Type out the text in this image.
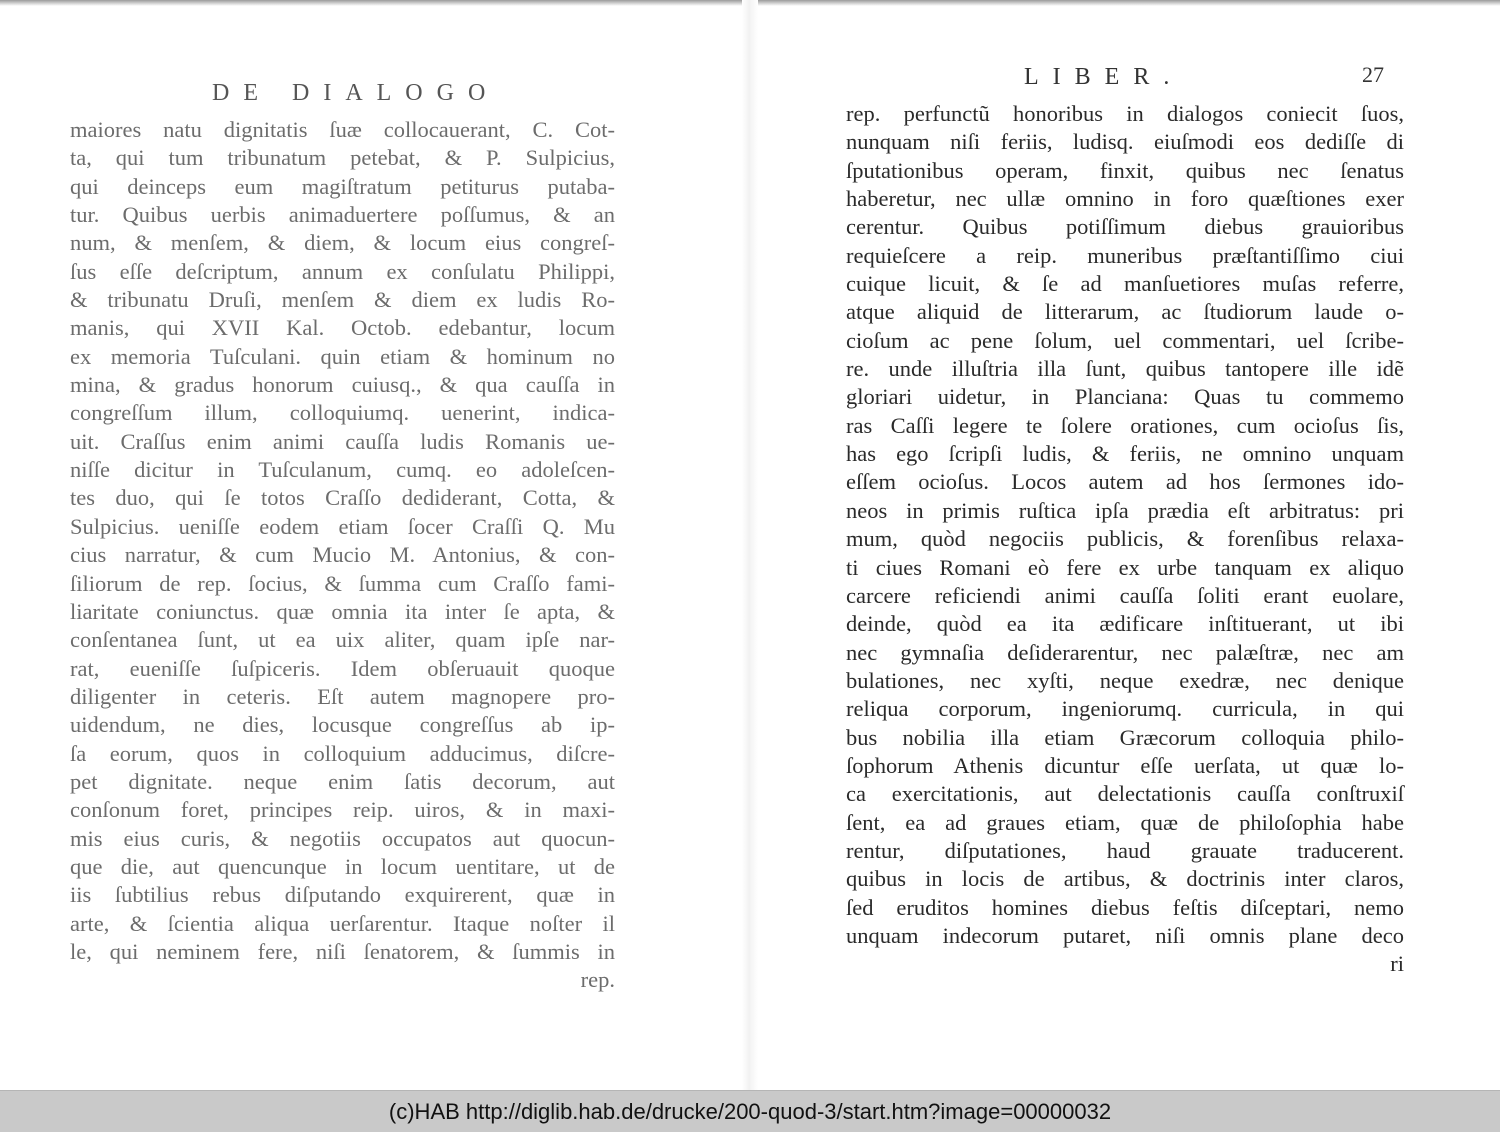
DE DIALOGO
maiores natu dignitatis ſuæ collocauerant, C. Cot-
ta, qui tum tribunatum petebat, & P. Sulpicius,
qui deinceps eum magiſtratum petiturus putaba-
tur. Quibus uerbis animaduertere poſſumus, & an
num, & menſem, & diem, & locum eius congreſ-
ſus eſſe deſcriptum, annum ex conſulatu Philippi,
& tribunatu Druſi, menſem & diem ex ludis Ro-
manis, qui XVII Kal. Octob. edebantur, locum
ex memoria Tuſculani. quin etiam & hominum no
mina, & gradus honorum cuiusq., & qua cauſſa in
congreſſum illum, colloquiumq. uenerint, indica-
uit. Craſſus enim animi cauſſa ludis Romanis ue-
niſſe dicitur in Tuſculanum, cumq. eo adoleſcen-
tes duo, qui ſe totos Craſſo dediderant, Cotta, &
Sulpicius. ueniſſe eodem etiam ſocer Craſſi Q. Mu
cius narratur, & cum Mucio M. Antonius, & con-
ſiliorum de rep. ſocius, & ſumma cum Craſſo fami-
liaritate coniunctus. quæ omnia ita inter ſe apta, &
conſentanea ſunt, ut ea uix aliter, quam ipſe nar-
rat, eueniſſe ſuſpiceris. Idem obſeruauit quoque
diligenter in ceteris. Eſt autem magnopere pro-
uidendum, ne dies, locusque congreſſus ab ip-
ſa eorum, quos in colloquium adducimus, diſcre-
pet dignitate. neque enim ſatis decorum, aut
conſonum foret, principes reip. uiros, & in maxi-
mis eius curis, & negotiis occupatos aut quocun-
que die, aut quencunque in locum uentitare, ut de
iis ſubtilius rebus diſputando exquirerent, quæ in
arte, & ſcientia aliqua uerſarentur. Itaque noſter il
le, qui neminem fere, niſi ſenatorem, & ſummis in
rep.
LIBER.	27
rep. perfunctũ honoribus in dialogos coniecit ſuos,
nunquam niſi feriis, ludisq. eiuſmodi eos dediſſe di
ſputationibus operam, finxit, quibus nec ſenatus
haberetur, nec ullæ omnino in foro quæſtiones exer
cerentur. Quibus potiſſimum diebus grauioribus
requieſcere a reip. muneribus præſtantiſſimo ciui
cuique licuit, & ſe ad manſuetiores muſas referre,
atque aliquid de litterarum, ac ſtudiorum laude o-
cioſum ac pene ſolum, uel commentari, uel ſcribe-
re. unde illuſtria illa ſunt, quibus tantopere ille idẽ
gloriari uidetur, in Planciana: Quas tu commemo
ras Caſſi legere te ſolere orationes, cum ocioſus ſis,
has ego ſcripſi ludis, & feriis, ne omnino unquam
eſſem ocioſus. Locos autem ad hos ſermones ido-
neos in primis ruſtica ipſa prædia eſt arbitratus: pri
mum, quòd negociis publicis, & forenſibus relaxa-
ti ciues Romani eò fere ex urbe tanquam ex aliquo
carcere reficiendi animi cauſſa ſoliti erant euolare,
deinde, quòd ea ita ædificare inſtituerant, ut ibi
nec gymnaſia deſiderarentur, nec palæſtræ, nec am
bulationes, nec xyſti, neque exedræ, nec denique
reliqua corporum, ingeniorumq. curricula, in qui
bus nobilia illa etiam Græcorum colloquia philo-
ſophorum Athenis dicuntur eſſe uerſata, ut quæ lo-
ca exercitationis, aut delectationis cauſſa conſtruxiſ
ſent, ea ad graues etiam, quæ de philoſophia habe
rentur, diſputationes, haud grauate traducerent.
quibus in locis de artibus, & doctrinis inter claros,
ſed eruditos homines diebus feſtis diſceptari, nemo
unquam indecorum putaret, niſi omnis plane deco
ri
(c)HAB http://diglib.hab.de/drucke/200-quod-3/start.htm?image=00000032
